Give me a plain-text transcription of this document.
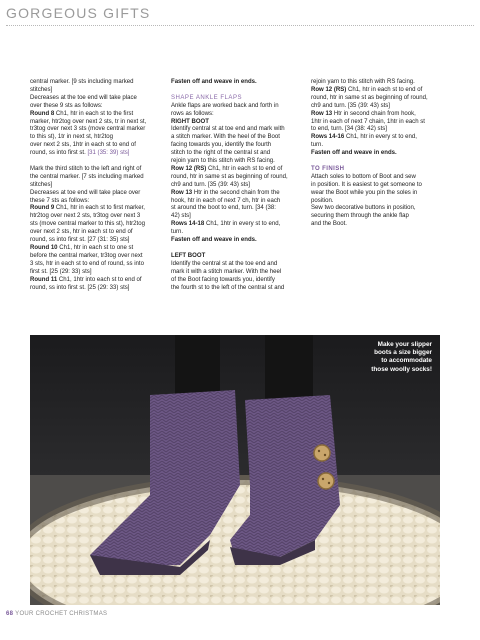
GORGEOUS GIFTS
central marker. [9 sts including marked
stitches]
Decreases at the toe end will take place
over these 9 sts as follows:
Round 8 Ch1, htr in each st to the first
marker, htr2tog over next 2 sts, tr in next st,
tr3tog over next 3 sts (move central marker
to this st), 1tr in next st, htr2tog
over next 2 sts, 1htr in each st to end of
round, ss into first st. [31 (35: 39) sts]
Mark the third stitch to the left and right of
the central marker. [7 sts including marked
stitches]
Decreases at toe end will take place over
these 7 sts as follows:
Round 9 Ch1, htr in each st to first marker,
htr2tog over next 2 sts, tr3tog over next 3
sts (move central marker to this st), htr2tog
over next 2 sts, htr in each st to end of
round, ss into first st. [27 (31: 35) sts]
Round 10 Ch1, htr in each st to one st
before the central marker, tr3tog over next
3 sts, htr in each st to end of round, ss into
first st. [25 (29: 33) sts]
Round 11 Ch1, 1htr into each st to end of
round, ss into first st. [25 (29: 33) sts]
Fasten off and weave in ends.
SHAPE ANKLE FLAPS
Ankle flaps are worked back and forth in
rows as follows:
RIGHT BOOT
Identify central st at toe end and mark with
a stitch marker. With the heel of the Boot
facing towards you, identify the fourth
stitch to the right of the central st and
rejoin yarn to this stitch with RS facing.
Row 12 (RS) Ch1, htr in each st to end of
round, htr in same st as beginning of round,
ch9 and turn. [35 (39: 43) sts]
Row 13 Htr in the second chain from the
hook, htr in each of next 7 ch, htr in each
st around the boot to end, turn. [34 (38:
42) sts]
Rows 14-18 Ch1, 1htr in every st to end,
turn.
Fasten off and weave in ends.
LEFT BOOT
Identify the central st at the toe end and
mark it with a stitch marker. With the heel
of the Boot facing towards you, identify
the fourth st to the left of the central st and
rejoin yarn to this stitch with RS facing.
Row 12 (RS) Ch1, htr in each st to end of
round, htr in same st as beginning of round,
ch9 and turn. [35 (39: 43) sts]
Row 13 Htr in second chain from hook,
1htr in each of next 7 chain, 1htr in each st
to end, turn. [34 (38: 42) sts]
Rows 14-16 Ch1, htr in every st to end,
turn.
Fasten off and weave in ends.
TO FINISH
Attach soles to bottom of Boot and sew
in position. It is easiest to get someone to
wear the Boot while you pin the soles in
position.
Sew two decorative buttons in position,
securing them through the ankle flap
and the Boot.
Make your slipper
boots a size bigger
to accommodate
those woolly socks!
68 YOUR CROCHET CHRISTMAS
